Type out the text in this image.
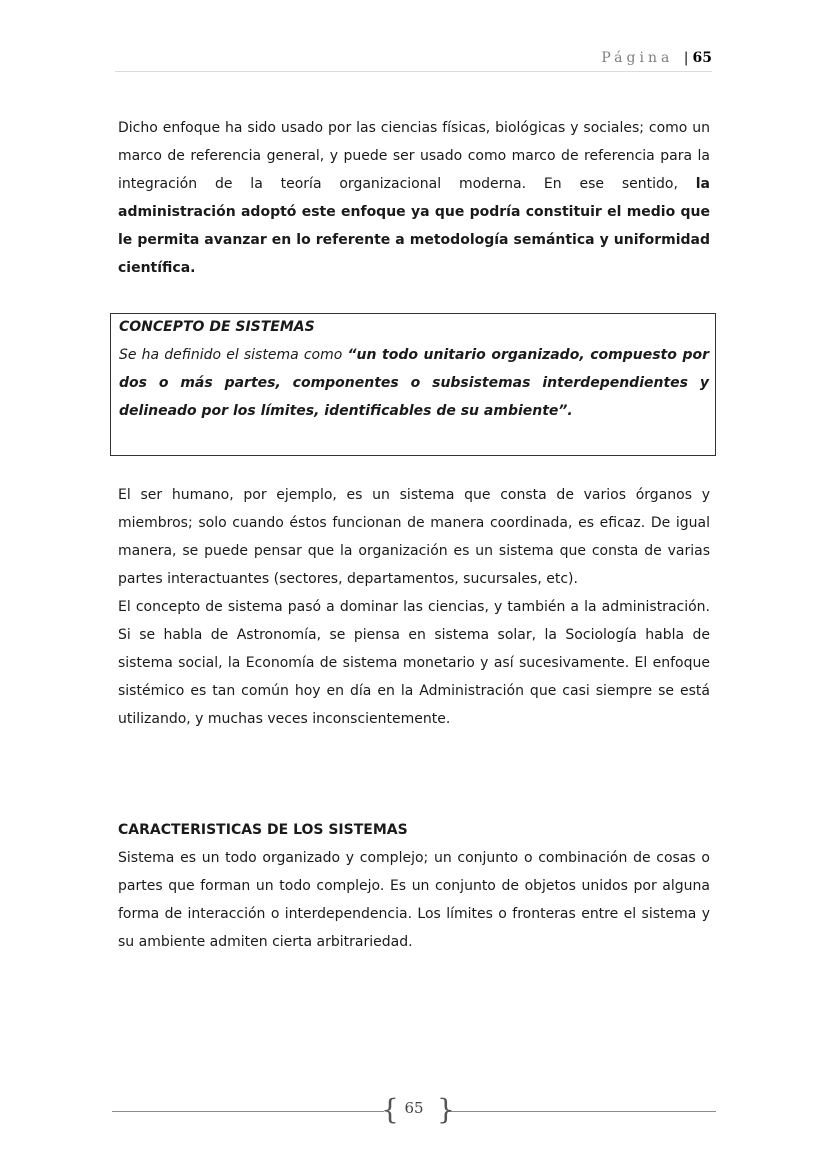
Página | 65

Dicho enfoque ha sido usado por las ciencias físicas, biológicas y sociales; como un marco de referencia general, y puede ser usado como marco de referencia para la integración de la teoría organizacional moderna. En ese sentido, la administración adoptó este enfoque ya que podría constituir el medio que le permita avanzar en lo referente a metodología semántica y uniformidad científica.

CONCEPTO DE SISTEMAS

Se ha definido el sistema como “un todo unitario organizado, compuesto por dos o más partes, componentes o subsistemas interdependientes y delineado por los límites, identificables de su ambiente”.

El ser humano, por ejemplo, es un sistema que consta de varios órganos y miembros; solo cuando éstos funcionan de manera coordinada, es eficaz. De igual manera, se puede pensar que la organización es un sistema que consta de varias partes interactuantes (sectores, departamentos, sucursales, etc).

El concepto de sistema pasó a dominar las ciencias, y también a la administración. Si se habla de Astronomía, se piensa en sistema solar, la Sociología habla de sistema social, la Economía de sistema monetario y así sucesivamente. El enfoque sistémico es tan común hoy en día en la Administración que casi siempre se está utilizando, y muchas veces inconscientemente.

CARACTERISTICAS DE LOS SISTEMAS

Sistema es un todo organizado y complejo; un conjunto o combinación de cosas o partes que forman un todo complejo. Es un conjunto de objetos unidos por alguna forma de interacción o interdependencia. Los límites o fronteras entre el sistema y su ambiente admiten cierta arbitrariedad.

{ }
65
